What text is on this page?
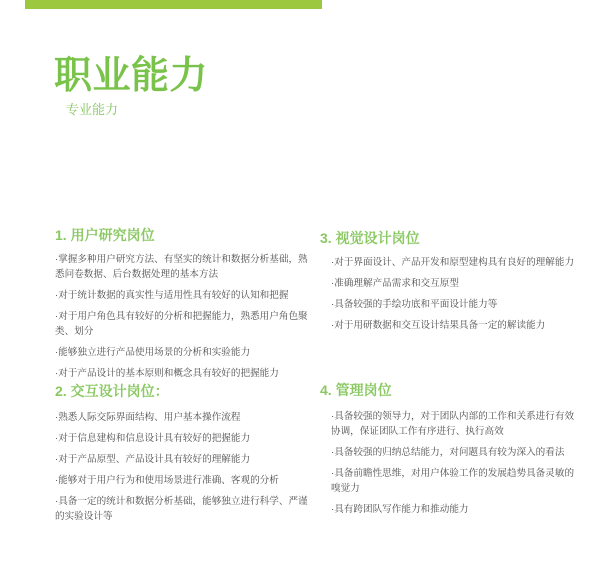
职业能力
专业能力
1. 用户研究岗位

·掌握多种用户研究方法、有坚实的统计和数据分析基础，熟悉问卷数据、后台数据处理的基本方法

·对于统计数据的真实性与适用性具有较好的认知和把握

·对于用户角色具有较好的分析和把握能力，熟悉用户角色聚类、划分

·能够独立进行产品使用场景的分析和实验能力

·对于产品设计的基本原则和概念具有较好的把握能力

2. 交互设计岗位：

·熟悉人际交际界面结构、用户基本操作流程

·对于信息建构和信息设计具有较好的把握能力

·对于产品原型、产品设计具有较好的理解能力

·能够对于用户行为和使用场景进行准确、客观的分析

·具备一定的统计和数据分析基础，能够独立进行科学、严谨的实验设计等

3. 视觉设计岗位

·对于界面设计、产品开发和原型建构具有良好的理解能力

·准确理解产品需求和交互原型

·具备较强的手绘功底和平面设计能力等

·对于用研数据和交互设计结果具备一定的解读能力

4. 管理岗位

·具备较强的领导力，对于团队内部的工作和关系进行有效协调，保证团队工作有序进行、执行高效

·具备较强的归纳总结能力，对问题具有较为深入的看法

·具备前瞻性思维，对用户体验工作的发展趋势具备灵敏的嗅觉力

·具有跨团队写作能力和推动能力
